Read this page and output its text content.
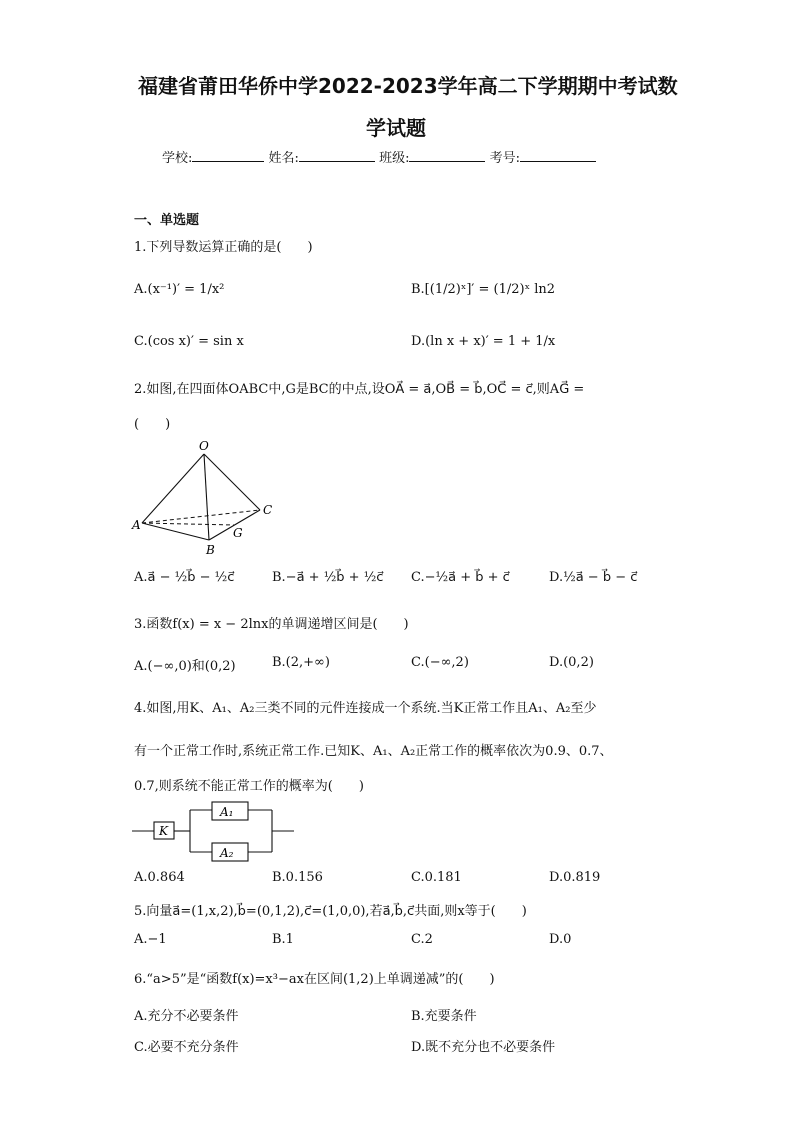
福建省莆田华侨中学2022-2023学年高二下学期期中考试数
学试题
学校:	姓名:	班级:	考号:
一、单选题
1.下列导数运算正确的是(　　)
A.(x⁻¹)′ = 1/x²	B.[(1/2)ˣ]′ = (1/2)ˣ ln2
C.(cos x)′ = sin x	D.(ln x + x)′ = 1 + 1/x
2.如图,在四面体OABC中,G是BC的中点,设OA⃗ = a⃗,OB⃗ = b⃗,OC⃗ = c⃗,则AG⃗ =
(　　)
O
A
B
C
G
A.a⃗ − ½b⃗ − ½c⃗	B.−a⃗ + ½b⃗ + ½c⃗ C.−½a⃗ + b⃗ + c⃗	D.½a⃗ − b⃗ − c⃗
3.函数f(x) = x − 2lnx的单调递增区间是(　　)
A.(−∞,0)和(0,2)	B.(2,+∞)	C.(−∞,2)	D.(0,2)
4.如图,用K、A₁、A₂三类不同的元件连接成一个系统.当K正常工作且A₁、A₂至少
有一个正常工作时,系统正常工作.已知K、A₁、A₂正常工作的概率依次为0.9、0.7、
0.7,则系统不能正常工作的概率为(　　)
K
A₁
A₂
A.0.864	B.0.156	C.0.181	D.0.819
5.向量a⃗=(1,x,2),b⃗=(0,1,2),c⃗=(1,0,0),若a⃗,b⃗,c⃗共面,则x等于(　　)
A.−1	B.1	C.2	D.0
6.“a>5”是“函数f(x)=x³−ax在区间(1,2)上单调递减”的(　　)
A.充分不必要条件	B.充要条件
C.必要不充分条件	D.既不充分也不必要条件
